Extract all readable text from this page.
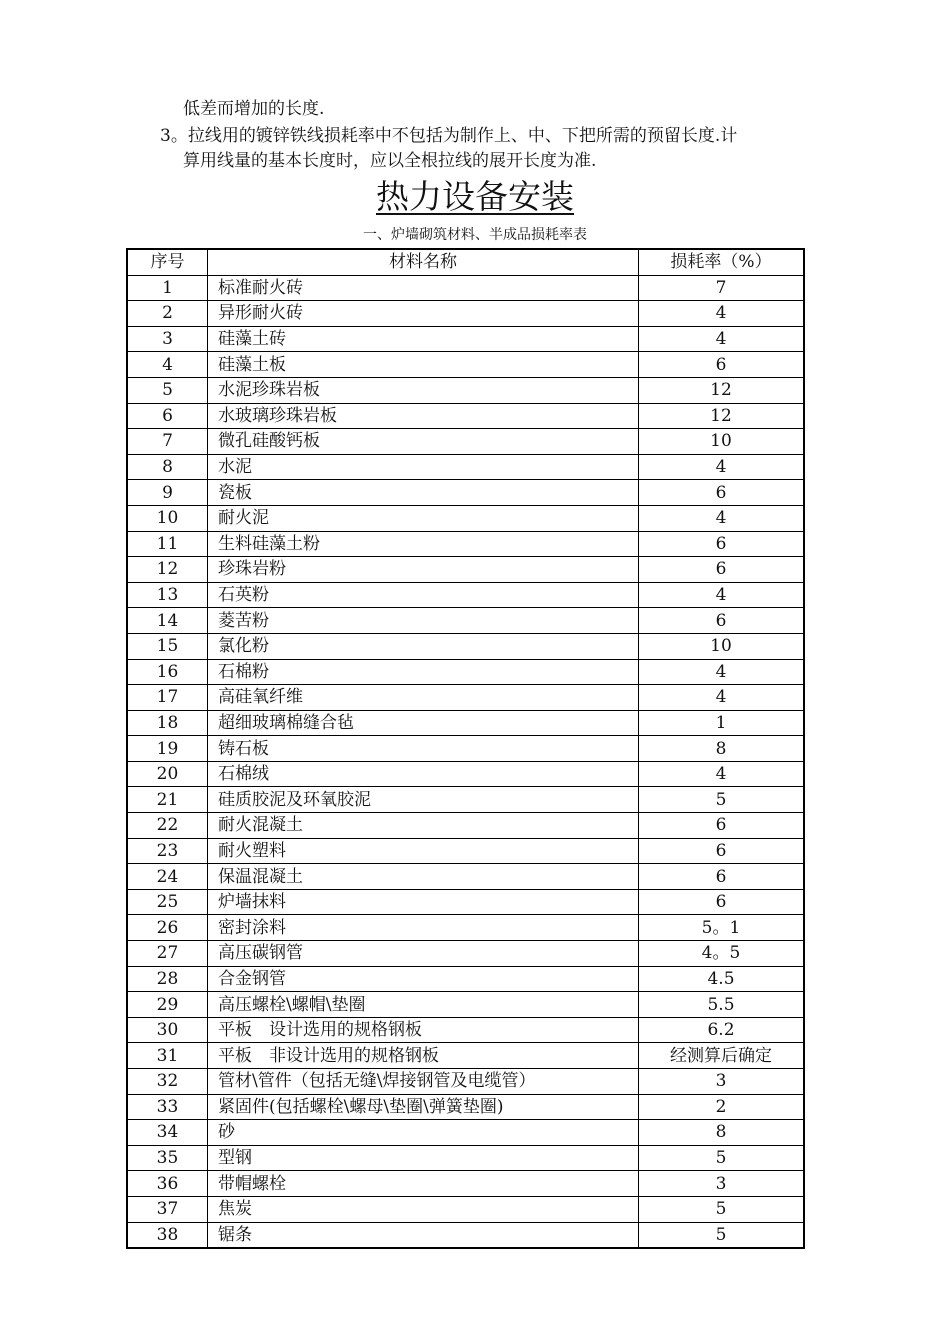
低差而增加的长度.
3。拉线用的镀锌铁线损耗率中不包括为制作上、中、下把所需的预留长度.计
算用线量的基本长度时，应以全根拉线的展开长度为准.
热力设备安装
一、炉墙砌筑材料、半成品损耗率表
序号	材料名称	损耗率（%）
1	标准耐火砖	7
2	异形耐火砖	4
3	硅藻土砖	4
4	硅藻土板	6
5	水泥珍珠岩板	12
6	水玻璃珍珠岩板	12
7	微孔硅酸钙板	10
8	水泥	4
9	瓷板	6
10	耐火泥	4
11	生料硅藻土粉	6
12	珍珠岩粉	6
13	石英粉	4
14	菱苦粉	6
15	氯化粉	10
16	石棉粉	4
17	高硅氧纤维	4
18	超细玻璃棉缝合毡	1
19	铸石板	8
20	石棉绒	4
21	硅质胶泥及环氧胶泥	5
22	耐火混凝土	6
23	耐火塑料	6
24	保温混凝土	6
25	炉墙抹料	6
26	密封涂料	5。1
27	高压碳钢管	4。5
28	合金钢管	4.5
29	高压螺栓\螺帽\垫圈	5.5
30	平板　设计选用的规格钢板	6.2
31	平板　非设计选用的规格钢板	经测算后确定
32	管材\管件（包括无缝\焊接钢管及电缆管）	3
33	紧固件(包括螺栓\螺母\垫圈\弹簧垫圈)	2
34	砂	8
35	型钢	5
36	带帽螺栓	3
37	焦炭	5
38	锯条	5
